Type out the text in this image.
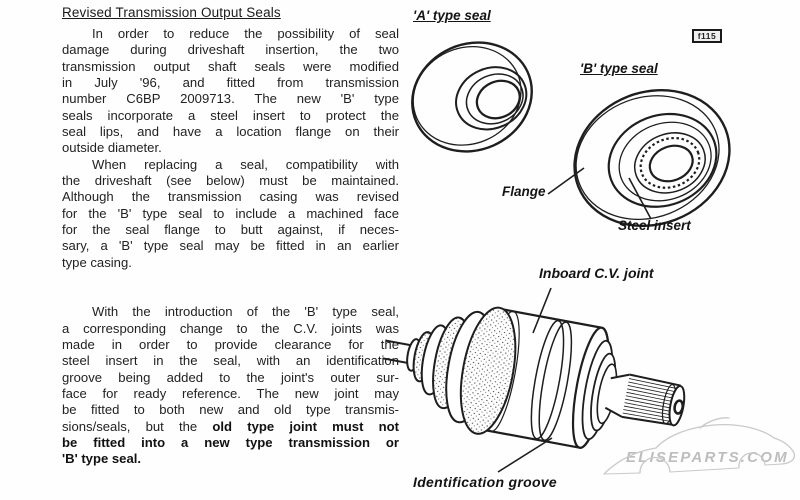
ELISEPARTS.COM
Revised Transmission Output Seals
In order to reduce the possibility of seal
damage during driveshaft insertion, the two
transmission output shaft seals were modified
in July '96, and fitted from transmission
number C6BP 2009713. The new 'B' type
seals incorporate a steel insert to protect the
seal lips, and have a location flange on their
outside diameter.
When replacing a seal, compatibility with
the driveshaft (see below) must be maintained.
Although the transmission casing was revised
for the 'B' type seal to include a machined face
for the seal flange to butt against, if neces-
sary, a 'B' type seal may be fitted in an earlier
type casing.
With the introduction of the 'B' type seal,
a corresponding change to the C.V. joints was
made in order to provide clearance for the
steel insert in the seal, with an identification
groove being added to the joint's outer sur-
face for ready reference. The new joint may
be fitted to both new and old type transmis-
sions/seals, but the old type joint must not
be fitted into a new type transmission or
'B' type seal.
'A' type seal
'B' type seal
Flange
Steel insert
Inboard C.V. joint
Identification groove
f115
